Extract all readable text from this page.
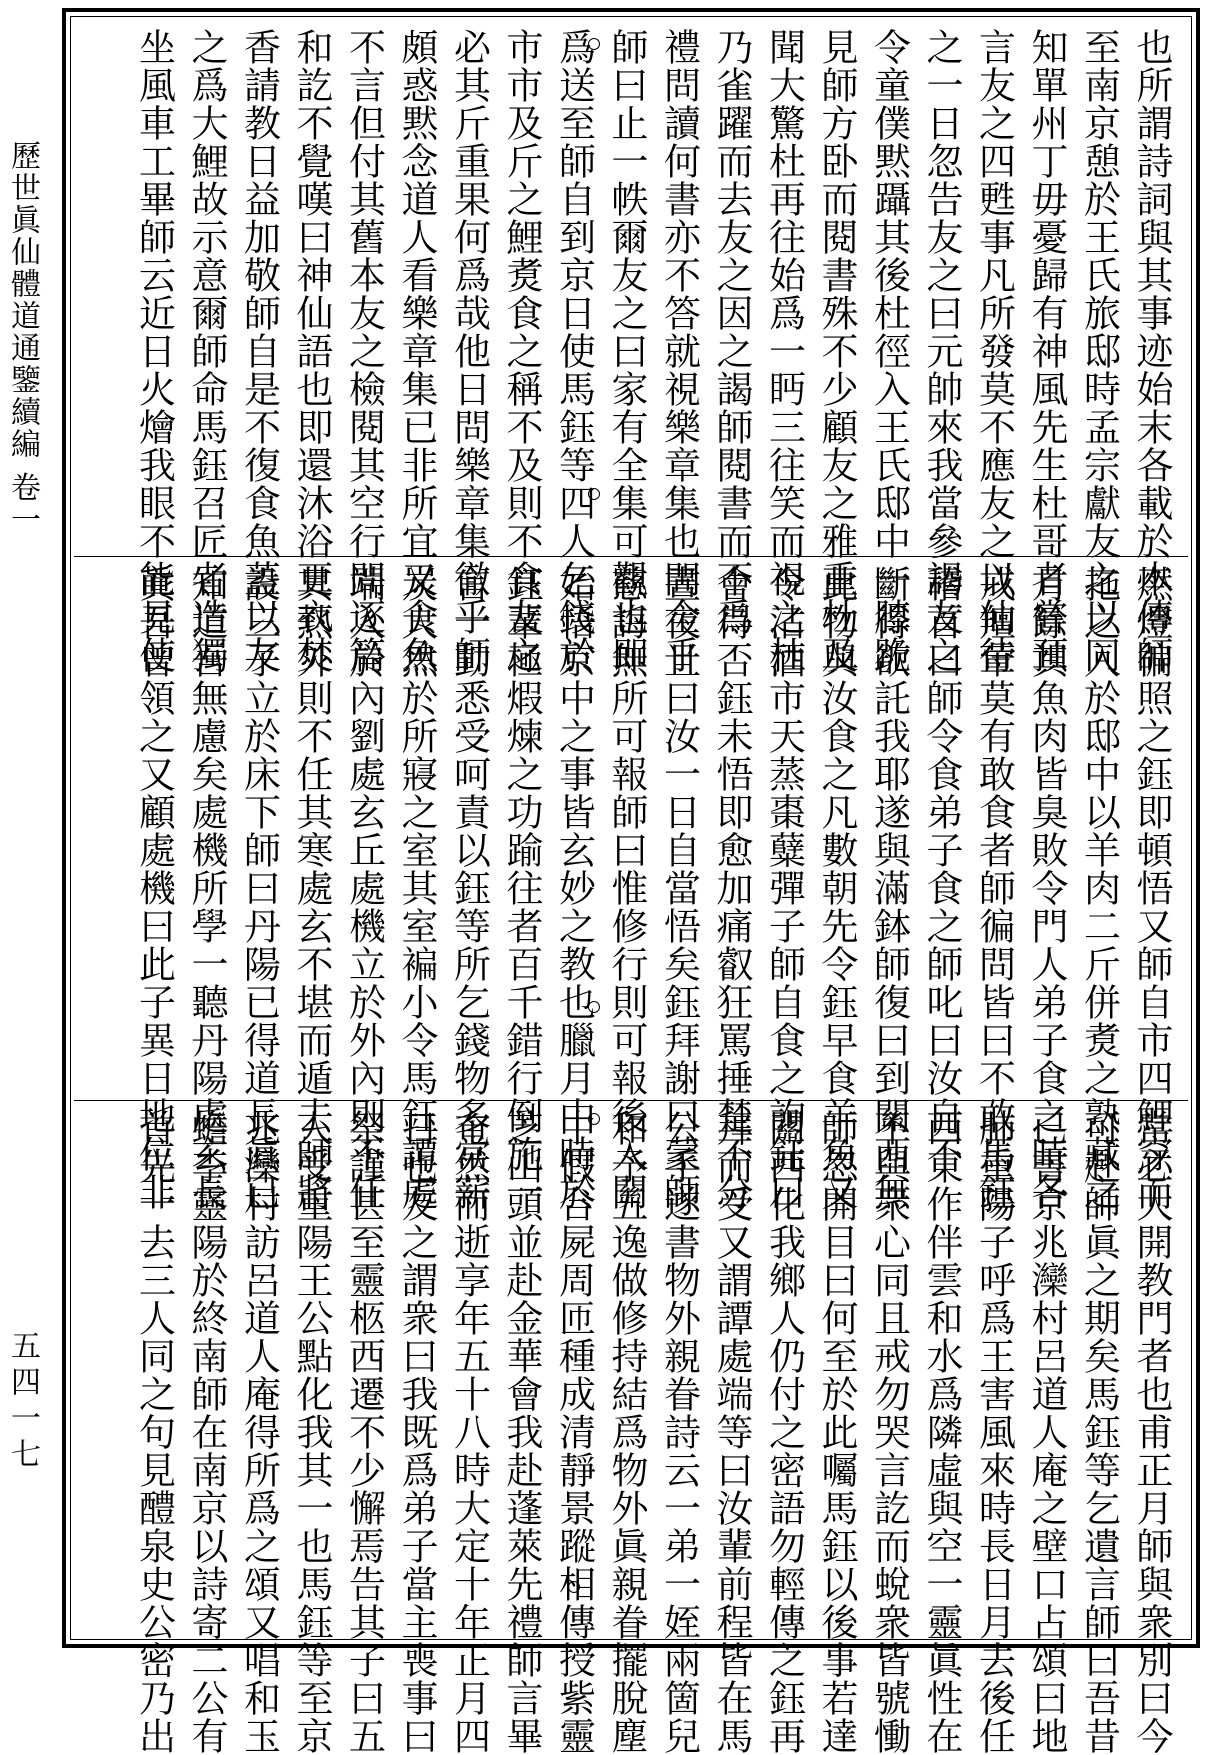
歷世眞仙體道通鑒續編 卷一
五四一七
也所謂詩詞與其事迹始末各載於本傳師
至南京憩於王氏旅邸時孟宗獻友之以同
知單州丁毋憂歸有神風先生杜哥者嘗預
言友之四甦事凡所發莫不應友之以仙待
之一日忽告友之曰元帥來我當參謁友之
令童僕黙躡其後杜徑入王氏邸中一膝跪
見師方卧而閱書殊不少顧友之雅重杜及
聞大驚杜再往始爲一眄三往笑而視之杜
乃雀躍而去友之因之謁師閱書而不爲
禮問讀何書亦不答就視樂章集也問全乎
師曰止一帙爾友之曰家有全集可觀也即
爲送至師自到京日使馬鈺等四人乞錢於
市市及斤之鯉煑食之稱不及則不食友之
必其斤重果何爲哉他日問樂章集徹乎師
頗惑黙念道人看樂章集已非所宜又食魚
不言但付其舊本友之檢閱其空行間逐篇
和訖不覺嘆曰神仙語也即還沐浴更衣焚
香請教日益加敬師自是不復食魚蓋以友
之爲大鯉故示意爾師命馬鈺召匠者造獨
坐風車工畢師云近日火燴我眼不能見使
燃燈徧照之鈺即頓悟又師自市四鯉穿而
拖之入於邸中以羊肉二斤併煑之熟藏之
月餘其魚肉皆臭敗令門人弟子食之時各
戒羶葷莫有敢食者師徧問皆曰不敢馬鈺
稽首曰師令食弟子食之師叱曰汝自不
斷得欲託我耶遂與滿鉢師復曰到關西無
此物與汝食之凡數朝先令鈺早食羊魚又
令沽酒市天蒸棗糵彈子師自食之詢鈺曰
會得否鈺未悟即愈加痛叡狂罵捶楚不分
晝夜且曰汝一日自當悟矣鈺拜謝曰蒙師
慈誨無所可報師曰惟修行則可報後入關
始悟京中之事皆玄妙之教也臘月中時於
鈺輩極煆煉之功踰往者百千錯行倒施一
言一動悉受呵責以鈺等所乞錢物多常薪
炭大然於所寢之室其室褊小令馬鈺譚處
端入於內劉處玄丘處機立於外內則不任
其熱外則不任其寒處玄不堪而遁去師將
設三子立於床下師曰丹陽已得道長眞已
知道吾無慮矣處機所學一聽丹陽處玄長
眞吾曾領之又顧處機曰此子異日地位非
常必大開教門者也甫正月師與衆別曰今
可赴師眞之期矣馬鈺等乞遺言師曰吾昔
已書京兆灤村呂道人庵之壁口占頌曰地
肺重陽子呼爲王害風來時長日月去後任
西東作伴雲和水爲隣虛與空一靈眞性在
不與衆心同且戒勿哭言訖而蛻衆皆號慟
師忽開目曰何至於此囑馬鈺以後事若達
關西化我鄉人仍付之密語勿輕傳之鈺再
拜而受又謂譚處端等曰汝輩前程皆在馬
公手遂書物外親眷詩云一弟一姪兩箇兒
和予五逸做修持結爲物外眞親眷擺脫塵
中假合屍周匝種成清靜景蹤相傳授紫靈
芝山頭並赴金華會我赴蓬萊先禮師言畢
奄然而逝享年五十八時大定十年正月四
日也友之謂衆曰我既爲弟子當主喪事曰
祭謹甚至靈柩西遷不少懈焉告其子曰五
人受重陽王公點化我其一也馬鈺等至京
兆灤村訪呂道人庵得所爲之頌又唱和玉
蟾李靈陽於終南師在南京以詩寄二公有
首先一去三人同之句見醴泉史公密乃出
